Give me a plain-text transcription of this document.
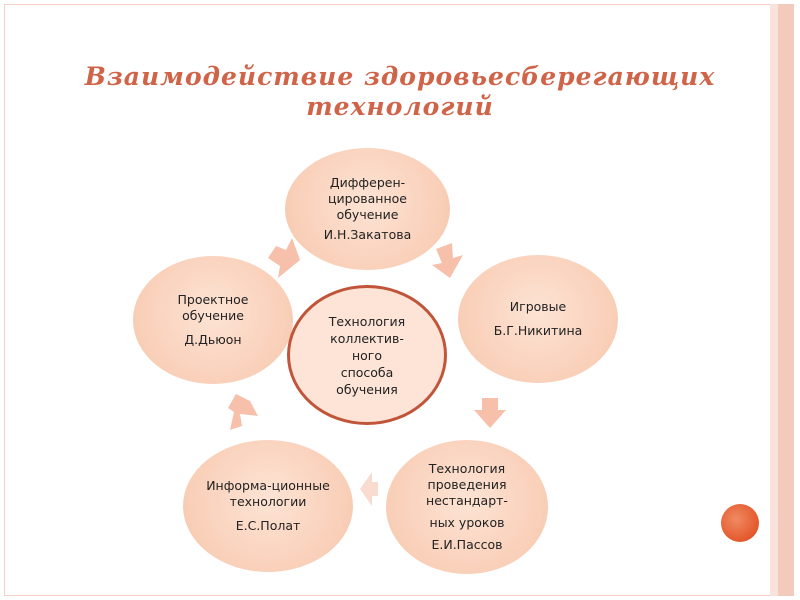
Взаимодействие здоровьесберегающих технологий
Дифферен-
цированное
обучение
И.Н.Закатова
Игровые
Б.Г.Никитина
Технология
проведения
нестандарт-
ных уроков
Е.И.Пассов
Информа-ционные
технологии
Е.С.Полат
Проектное
обучение
Д.Дьюон
Технология
коллектив-
ного
способа
обучения
